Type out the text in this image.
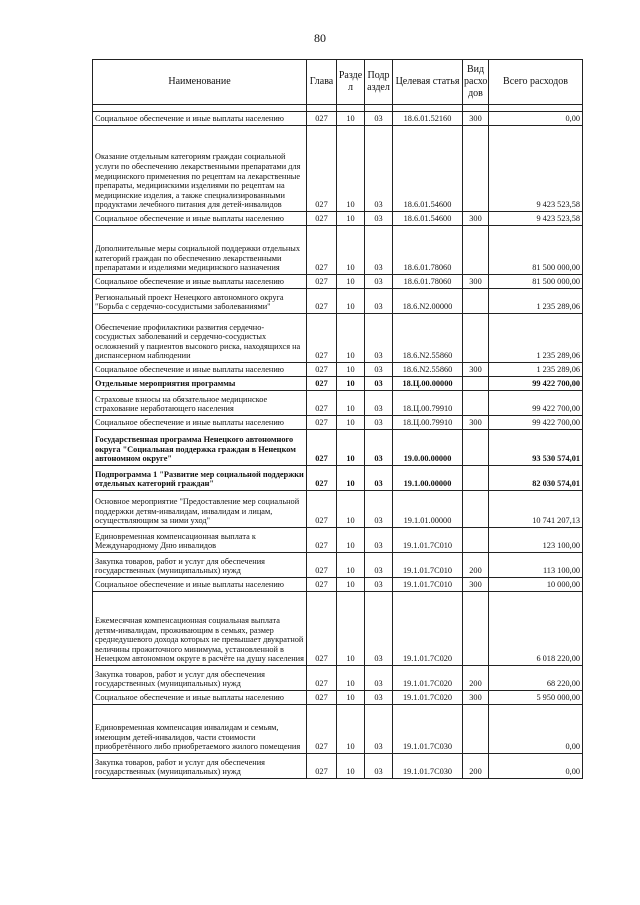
80
Наименование	Глава	Разде л	Подр аздел	Целевая статья	Вид расхо дов	Всего расходов

Социальное обеспечение и иные выплаты населению	027	10	03	18.6.01.52160	300	0,00
Оказание отдельным категориям граждан социальной услуги по обеспечению лекарственными препаратами для медицинского применения по рецептам на лекарственные препараты, медицинскими изделиями по рецептам на медицинские изделия, а также специализированными продуктами лечебного питания для детей-инвалидов	027	10	03	18.6.01.54600		9 423 523,58
Социальное обеспечение и иные выплаты населению	027	10	03	18.6.01.54600	300	9 423 523,58
Дополнительные меры социальной поддержки отдельных категорий граждан по обеспечению лекарственными препаратами и изделиями медицинского назначения	027	10	03	18.6.01.78060		81 500 000,00
Социальное обеспечение и иные выплаты населению	027	10	03	18.6.01.78060	300	81 500 000,00
Региональный проект Ненецкого автономного округа "Борьба с сердечно-сосудистыми заболеваниями"	027	10	03	18.6.N2.00000		1 235 289,06
Обеспечение профилактики развития сердечно-сосудистых заболеваний и сердечно-сосудистых осложнений у пациентов высокого риска, находящихся на диспансерном наблюдении	027	10	03	18.6.N2.55860		1 235 289,06
Социальное обеспечение и иные выплаты населению	027	10	03	18.6.N2.55860	300	1 235 289,06
Отдельные мероприятия программы	027	10	03	18.Ц.00.00000		99 422 700,00
Страховые взносы на обязательное медицинское страхование неработающего населения	027	10	03	18.Ц.00.79910		99 422 700,00
Социальное обеспечение и иные выплаты населению	027	10	03	18.Ц.00.79910	300	99 422 700,00
Государственная программа Ненецкого автономного округа "Социальная поддержка граждан в Ненецком автономном округе"	027	10	03	19.0.00.00000		93 530 574,01
Подпрограмма 1 "Развитие мер социальной поддержки отдельных категорий граждан"	027	10	03	19.1.00.00000		82 030 574,01
Основное мероприятие "Предоставление мер социальной поддержки детям-инвалидам, инвалидам и лицам, осуществляющим за ними уход"	027	10	03	19.1.01.00000		10 741 207,13
Единовременная компенсационная выплата к Международному Дню инвалидов	027	10	03	19.1.01.7C010		123 100,00
Закупка товаров, работ и услуг для обеспечения государственных (муниципальных) нужд	027	10	03	19.1.01.7C010	200	113 100,00
Социальное обеспечение и иные выплаты населению	027	10	03	19.1.01.7C010	300	10 000,00
Ежемесячная компенсационная социальная выплата детям-инвалидам, проживающим в семьях, размер среднедушевого дохода которых не превышает двукратной величины прожиточного минимума, установленной в Ненецком автономном округе в расчёте на душу населения	027	10	03	19.1.01.7C020		6 018 220,00
Закупка товаров, работ и услуг для обеспечения государственных (муниципальных) нужд	027	10	03	19.1.01.7C020	200	68 220,00
Социальное обеспечение и иные выплаты населению	027	10	03	19.1.01.7C020	300	5 950 000,00
Единовременная компенсация инвалидам и семьям, имеющим детей-инвалидов, части стоимости приобретённого либо приобретаемого жилого помещения	027	10	03	19.1.01.7C030		0,00
Закупка товаров, работ и услуг для обеспечения государственных (муниципальных) нужд	027	10	03	19.1.01.7C030	200	0,00
